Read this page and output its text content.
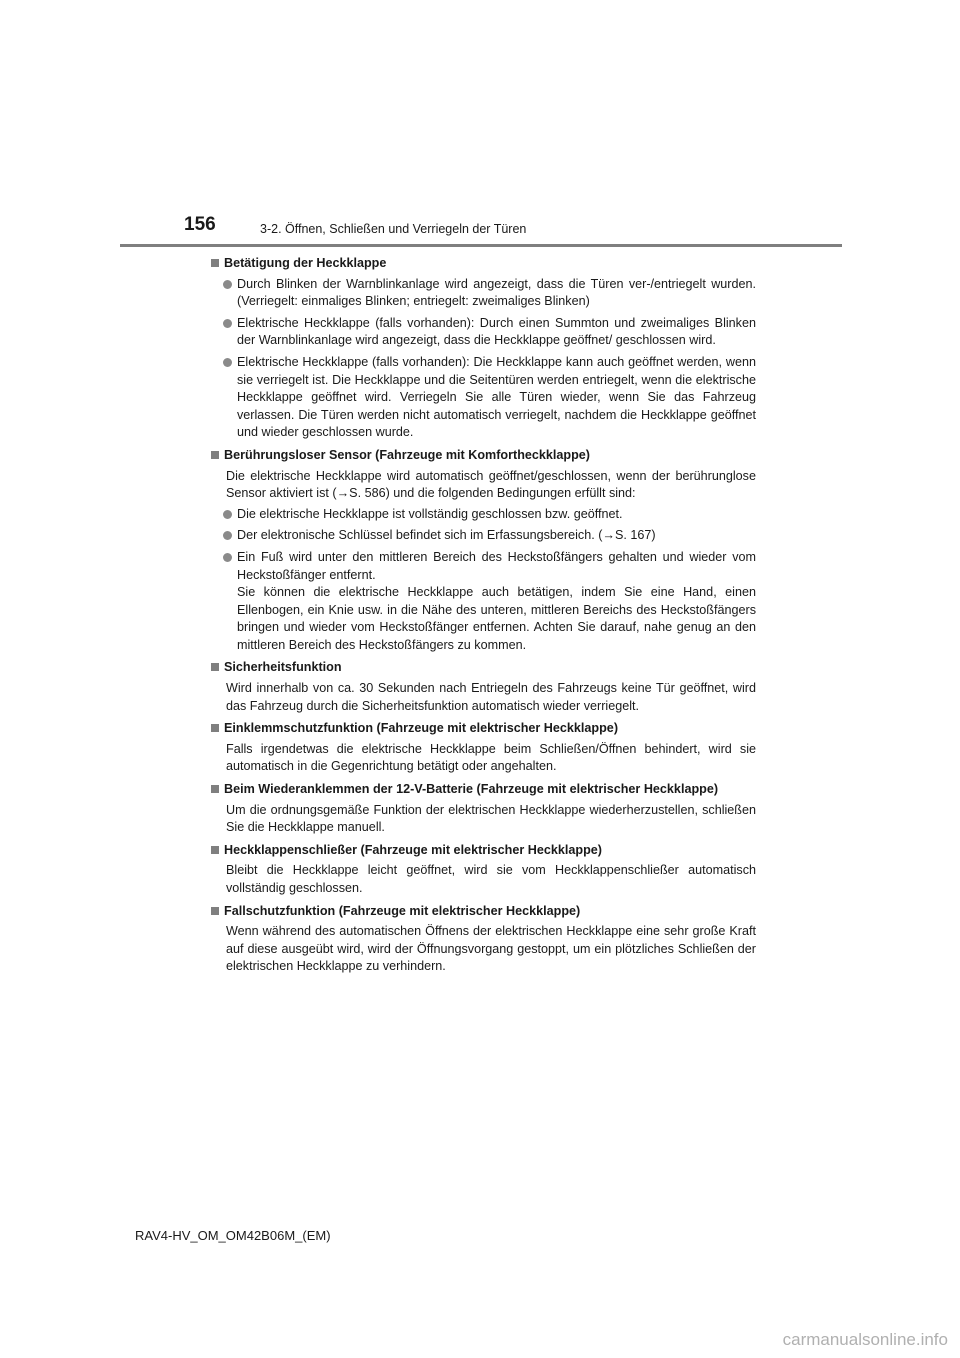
156	3-2. Öffnen, Schließen und Verriegeln der Türen
Betätigung der Heckklappe
Durch Blinken der Warnblinkanlage wird angezeigt, dass die Türen ver-/entriegelt wurden. (Verriegelt: einmaliges Blinken; entriegelt: zweimaliges Blinken)
Elektrische Heckklappe (falls vorhanden): Durch einen Summton und zweimaliges Blinken der Warnblinkanlage wird angezeigt, dass die Heckklappe geöffnet/ geschlossen wird.
Elektrische Heckklappe (falls vorhanden): Die Heckklappe kann auch geöffnet werden, wenn sie verriegelt ist. Die Heckklappe und die Seitentüren werden entriegelt, wenn die elektrische Heckklappe geöffnet wird. Verriegeln Sie alle Türen wieder, wenn Sie das Fahrzeug verlassen. Die Türen werden nicht automatisch verriegelt, nachdem die Heckklappe geöffnet und wieder geschlossen wurde.
Berührungsloser Sensor (Fahrzeuge mit Komfortheckklappe)
Die elektrische Heckklappe wird automatisch geöffnet/geschlossen, wenn der berührunglose Sensor aktiviert ist (→S. 586) und die folgenden Bedingungen erfüllt sind:
Die elektrische Heckklappe ist vollständig geschlossen bzw. geöffnet.
Der elektronische Schlüssel befindet sich im Erfassungsbereich. (→S. 167)
Ein Fuß wird unter den mittleren Bereich des Heckstoßfängers gehalten und wieder vom Heckstoßfänger entfernt.
Sie können die elektrische Heckklappe auch betätigen, indem Sie eine Hand, einen Ellenbogen, ein Knie usw. in die Nähe des unteren, mittleren Bereichs des Heckstoßfängers bringen und wieder vom Heckstoßfänger entfernen. Achten Sie darauf, nahe genug an den mittleren Bereich des Heckstoßfängers zu kommen.
Sicherheitsfunktion
Wird innerhalb von ca. 30 Sekunden nach Entriegeln des Fahrzeugs keine Tür geöffnet, wird das Fahrzeug durch die Sicherheitsfunktion automatisch wieder verriegelt.
Einklemmschutzfunktion (Fahrzeuge mit elektrischer Heckklappe)
Falls irgendetwas die elektrische Heckklappe beim Schließen/Öffnen behindert, wird sie automatisch in die Gegenrichtung betätigt oder angehalten.
Beim Wiederanklemmen der 12-V-Batterie (Fahrzeuge mit elektrischer Heckklappe)
Um die ordnungsgemäße Funktion der elektrischen Heckklappe wiederherzustellen, schließen Sie die Heckklappe manuell.
Heckklappenschließer (Fahrzeuge mit elektrischer Heckklappe)
Bleibt die Heckklappe leicht geöffnet, wird sie vom Heckklappenschließer automatisch vollständig geschlossen.
Fallschutzfunktion (Fahrzeuge mit elektrischer Heckklappe)
Wenn während des automatischen Öffnens der elektrischen Heckklappe eine sehr große Kraft auf diese ausgeübt wird, wird der Öffnungsvorgang gestoppt, um ein plötzliches Schließen der elektrischen Heckklappe zu verhindern.
RAV4-HV_OM_OM42B06M_(EM)
carmanualsonline.info
